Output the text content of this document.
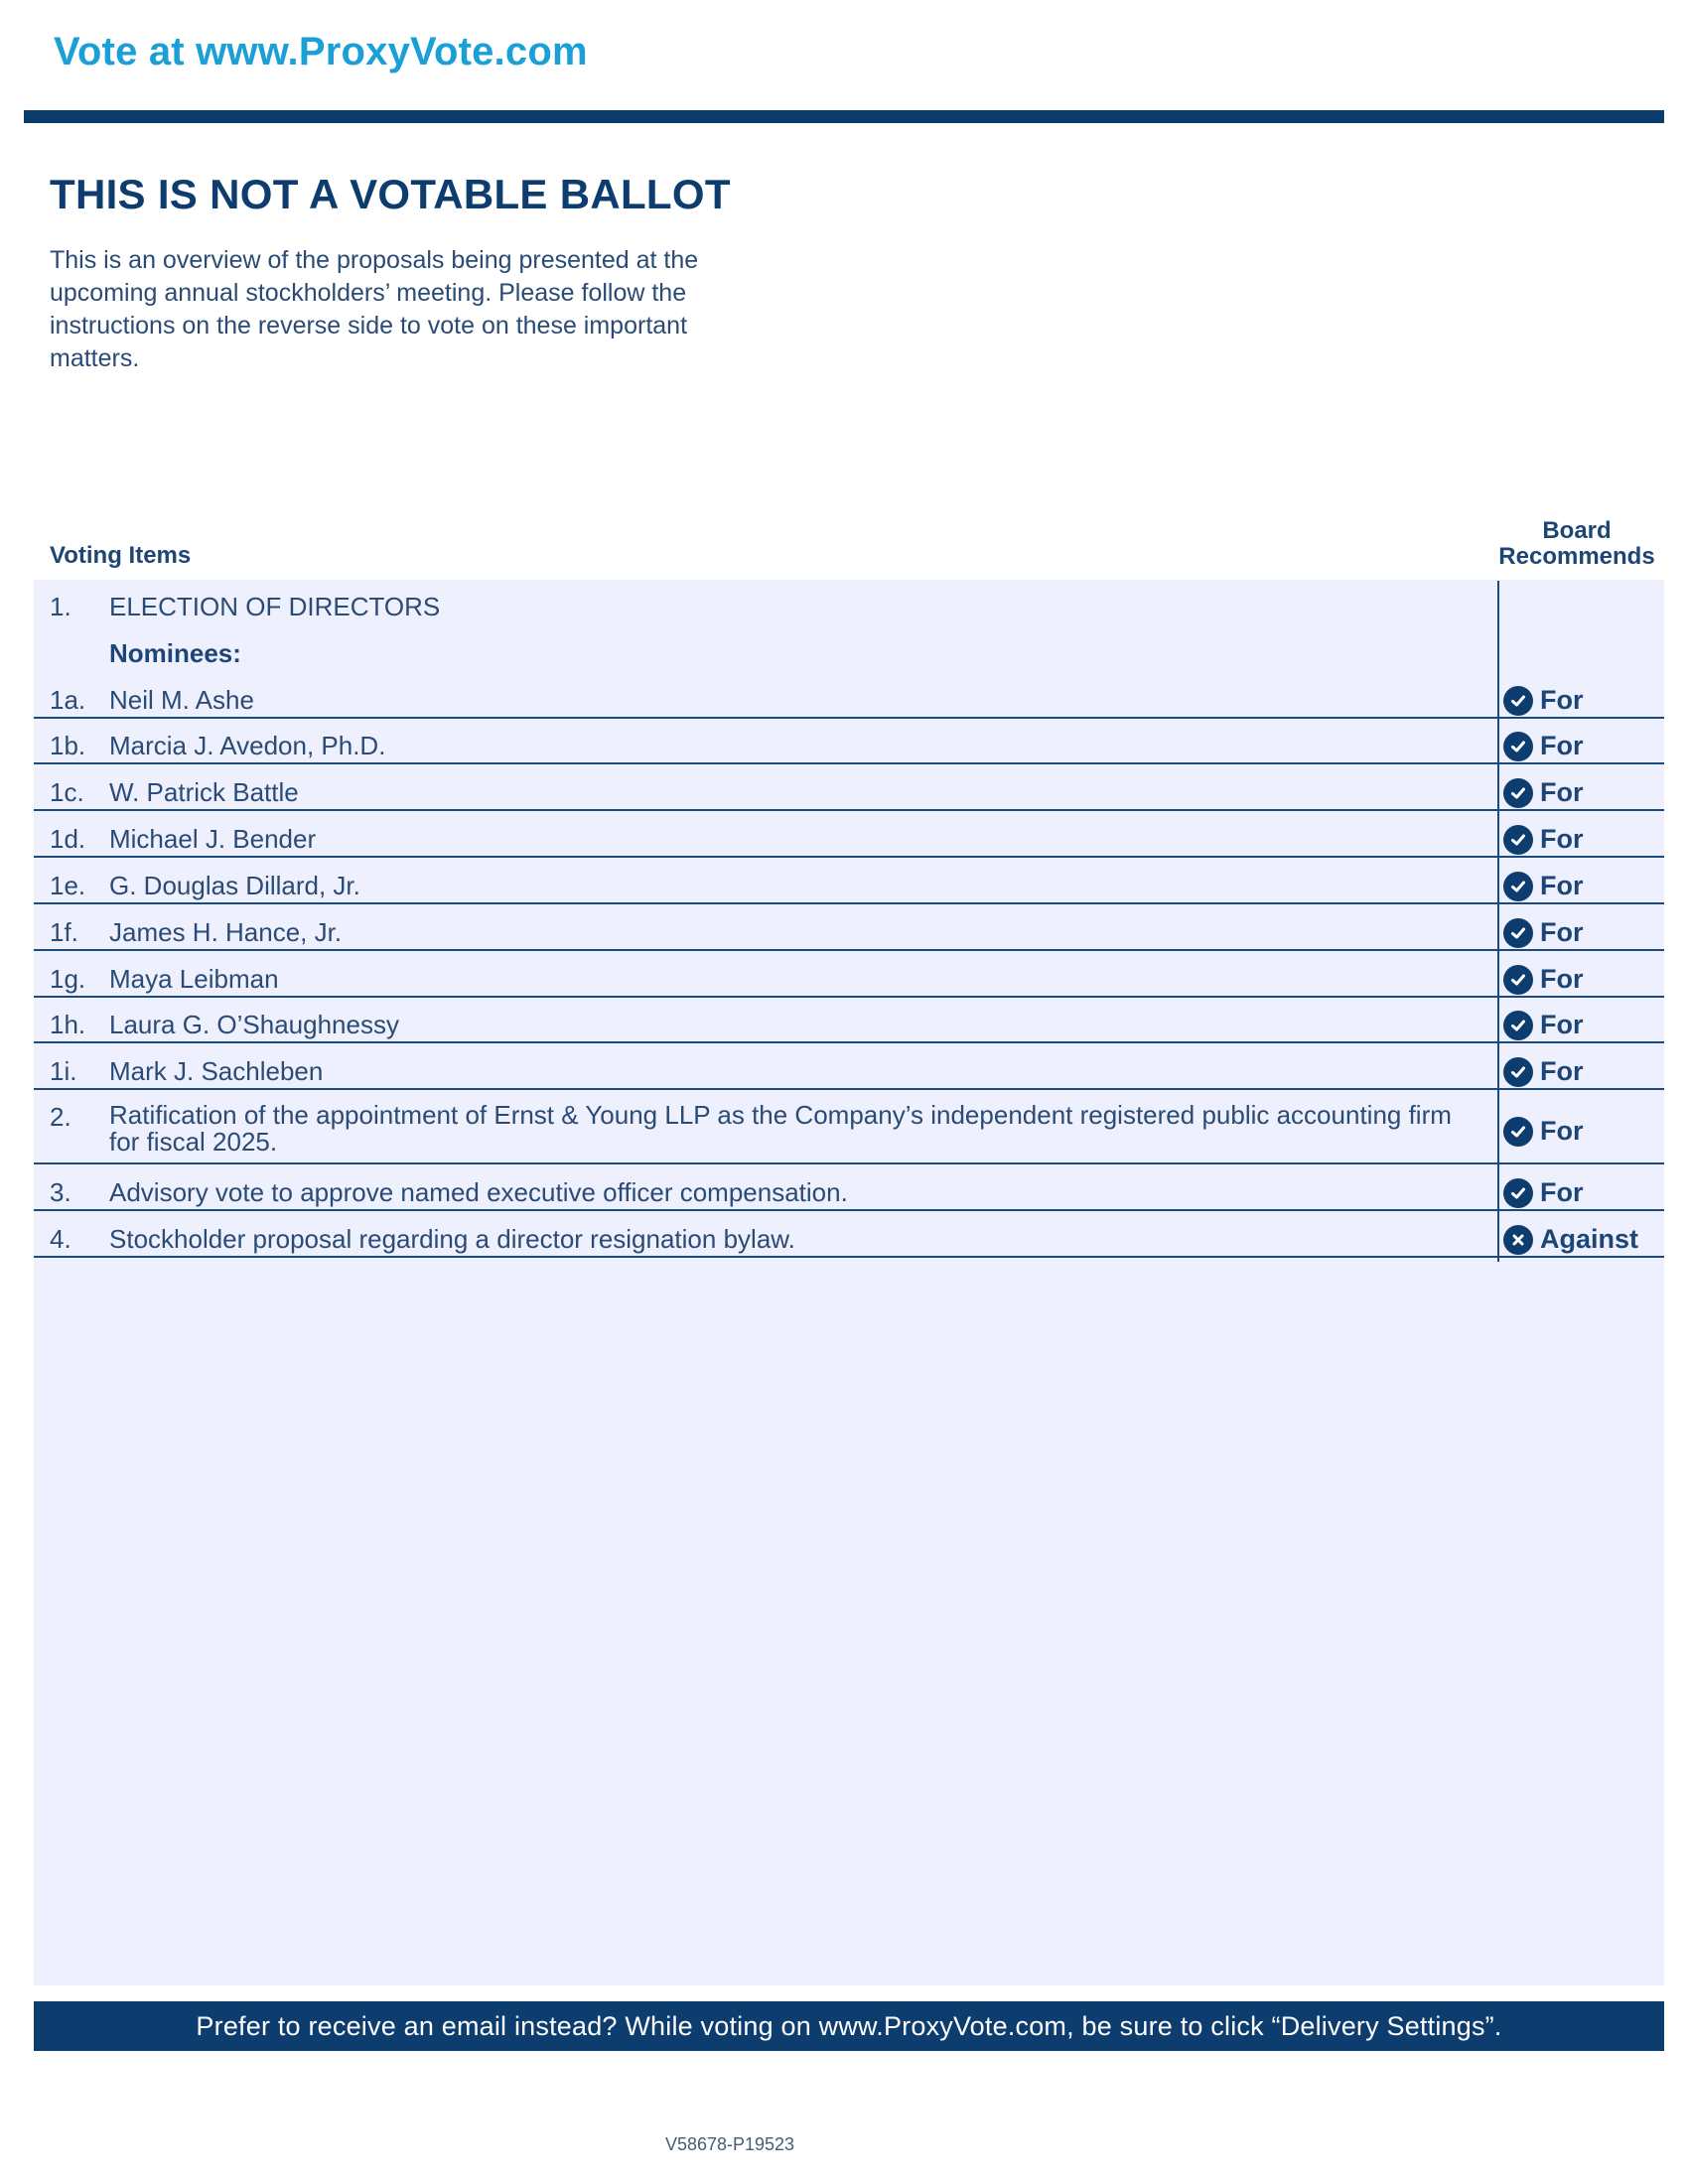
Vote at www.ProxyVote.com
THIS IS NOT A VOTABLE BALLOT
This is an overview of the proposals being presented at the upcoming annual stockholders’ meeting. Please follow the instructions on the reverse side to vote on these important matters.
Voting Items
Board
Recommends
1. ELECTION OF DIRECTORS
Nominees:
1a. Neil M. Ashe	For
1b. Marcia J. Avedon, Ph.D.	For
1c. W. Patrick Battle	For
1d. Michael J. Bender	For
1e. G. Douglas Dillard, Jr.	For
1f. James H. Hance, Jr.	For
1g. Maya Leibman	For
1h. Laura G. O’Shaughnessy	For
1i. Mark J. Sachleben	For
2. Ratification of the appointment of Ernst & Young LLP as the Company’s independent registered public accounting firm
for fiscal 2025.	For
3. Advisory vote to approve named executive officer compensation.	For
4. Stockholder proposal regarding a director resignation bylaw.	Against
Prefer to receive an email instead? While voting on www.ProxyVote.com, be sure to click “Delivery Settings”.
V58678-P19523
